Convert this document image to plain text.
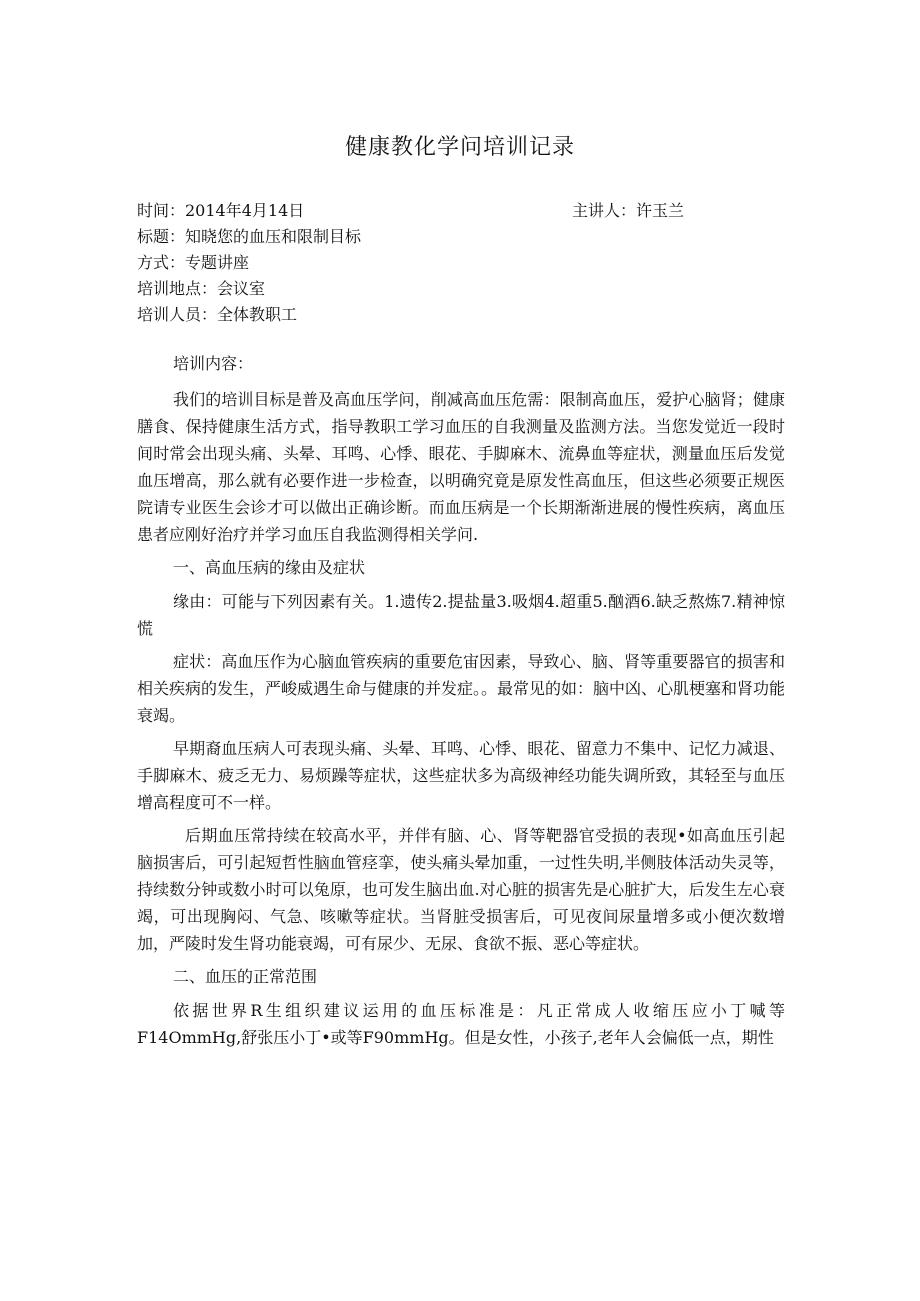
健康教化学问培训记录
时间：2014年4月14日	主讲人：许玉兰
标题：知晓您的血压和限制目标
方式：专题讲座
培训地点：会议室
培训人员：全体教职工

培训内容：

我们的培训目标是普及高血压学问，削减高血压危需：限制高血压，爱护心脑肾；健康膳食、保持健康生活方式，指导教职工学习血压的自我测量及监测方法。当您发觉近一段时间时常会出现头痛、头晕、耳鸣、心悸、眼花、手脚麻木、流鼻血等症状，测量血压后发觉血压增高，那么就有必要作进一步检查，以明确究竟是原发性高血压，但这些必须要正规医院请专业医生会诊才可以做出正确诊断。而血压病是一个长期渐渐进展的慢性疾病，离血压患者应刚好治疗并学习血压自我监测得相关学问.

一、高血压病的缘由及症状

缘由：可能与下列因素有关。1.遗传2.提盐量3.吸烟4.超重5.酗酒6.缺乏熬炼7.精神惊慌

症状：高血压作为心脑血管疾病的重要危宙因素，导致心、脑、肾等重要器官的损害和相关疾病的发生，严峻威遇生命与健康的并发症。。最常见的如：脑中凶、心肌梗塞和肾功能衰竭。

早期裔血压病人可表现头痛、头晕、耳鸣、心悸、眼花、留意力不集中、记忆力减退、手脚麻木、疲乏无力、易烦躁等症状，这些症状多为高级神经功能失调所致，其轻至与血压增高程度可不一样。

后期血压常持续在较高水平，并伴有脑、心、肾等靶器官受损的表现•如高血压引起脑损害后，可引起短哲性脑血管痉挛，使头痛头晕加重，一过性失明,半侧肢体活动失灵等，持续数分钟或数小时可以兔原，也可发生脑出血.对心脏的损害先是心脏扩大，后发生左心衰竭，可出现胸闷、气急、咳嗽等症状。当肾脏受损害后，可见夜间尿量增多或小便次数增加，严陵时发生肾功能衰竭，可有尿少、无尿、食欲不振、恶心等症状。

二、血压的正常范围

依据世界R生组织建议运用的血压标准是：凡正常成人收缩压应小丁喊等F14OmmHg,舒张压小丁•或等F90mmHg。但是女性，小孩子,老年人会偏低一点，期性
